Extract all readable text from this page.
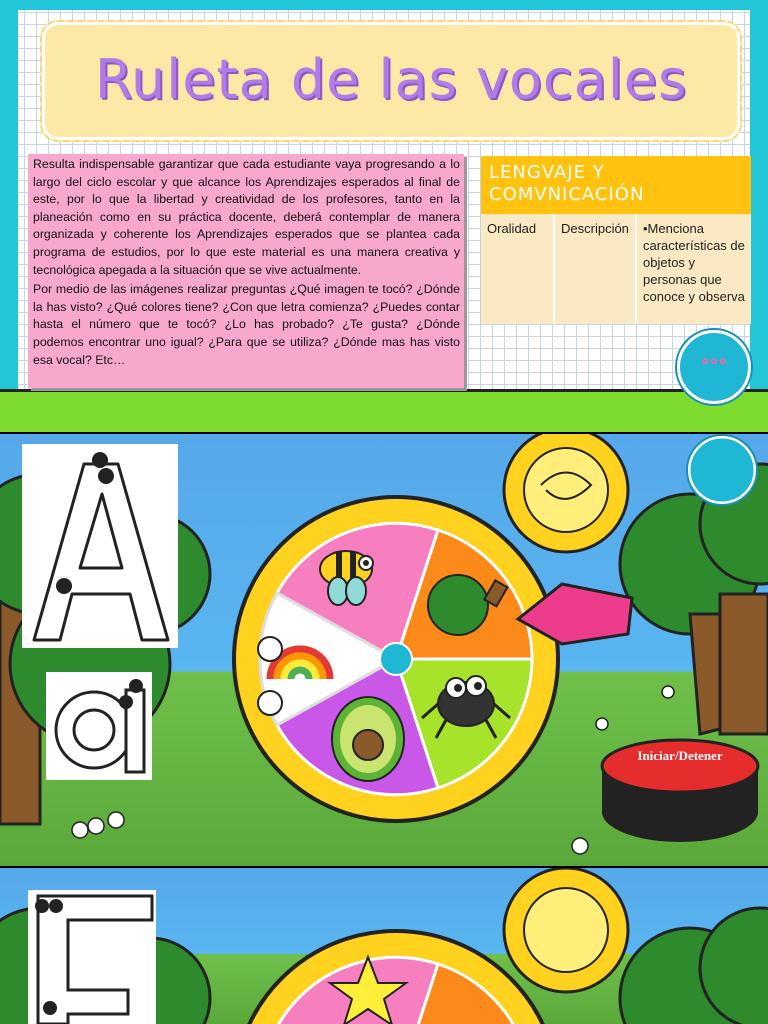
Ruleta de las vocales

Resulta indispensable garantizar que cada estudiante vaya progresando a lo largo del ciclo escolar y que alcance los Aprendizajes esperados al final de este, por lo que la libertad y creatividad de los profesores, tanto en la planeación como en su práctica docente, deberá contemplar de manera organizada y coherente los Aprendizajes esperados que se plantea cada programa de estudios, por lo que este material es una manera creativa y tecnológica apegada a la situación que se vive actualmente.

Por medio de las imágenes realizar preguntas ¿Qué imagen te tocó? ¿Dónde la has visto? ¿Qué colores tiene? ¿Con que letra comienza? ¿Puedes contar hasta el número que te tocó? ¿Lo has probado? ¿Te gusta? ¿Dónde podemos encontrar uno igual? ¿Para que se utiliza? ¿Dónde mas has visto esa vocal? Etc…

LENGVAJE Y
COMVNICACIÓN
Oralidad	Descripción	•Menciona características de objetos y personas que conoce y observa
✿ ✿ ✿
Iniciar/Detener
